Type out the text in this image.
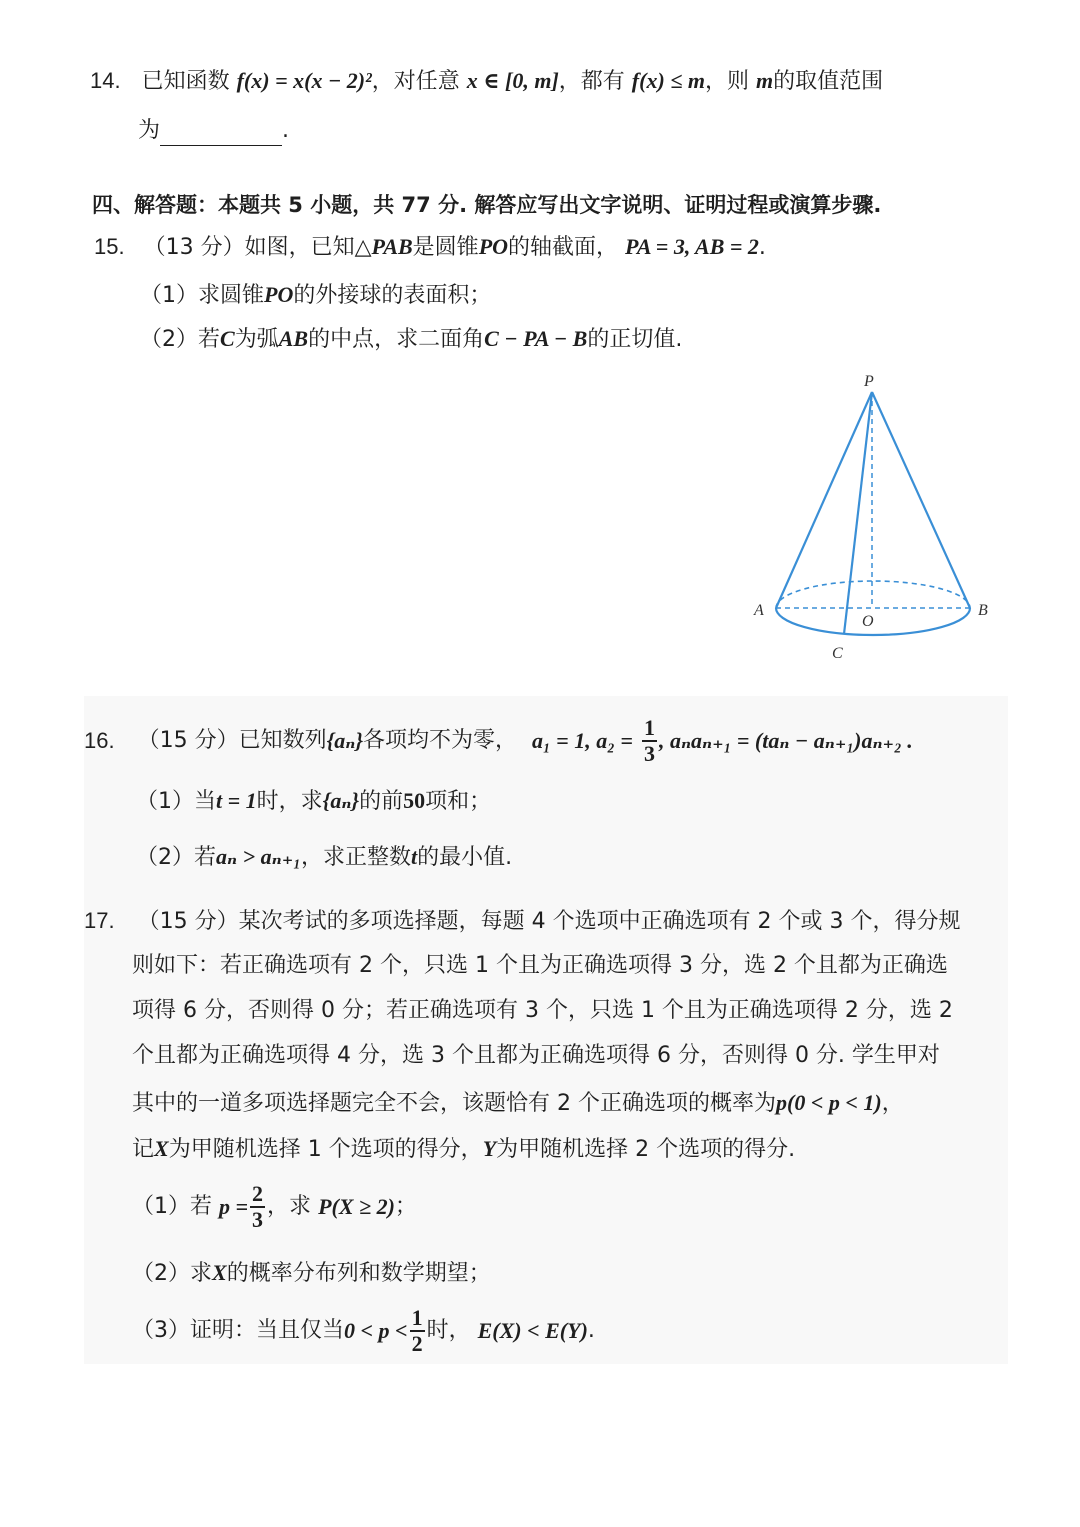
14. 已知函数 f(x) = x(x − 2)²，对任意 x ∈ [0, m]，都有 f(x) ≤ m，则 m的取值范围
为	.
四、解答题：本题共 5 小题，共 77 分. 解答应写出文字说明、证明过程或演算步骤.
15. （13 分）如图，已知△PAB是圆锥PO的轴截面， PA = 3, AB = 2.
（1）求圆锥PO的外接球的表面积；
（2）若C为弧AB的中点，求二面角C − PA − B的正切值.
P
A	B
O
C
16. （15 分）已知数列{aₙ}各项均不为零， a₁ = 1, $a_2 = \frac{1}{3}$ , aₙaₙ₊₁ = (taₙ − aₙ₊₁)aₙ₊₂ .
（1）当t = 1时，求{aₙ}的前50项和；
（2）若aₙ > aₙ₊₁，求正整数t的最小值.
17. （15 分）某次考试的多项选择题，每题 4 个选项中正确选项有 2 个或 3 个，得分规
则如下：若正确选项有 2 个，只选 1 个且为正确选项得 3 分，选 2 个且都为正确选
项得 6 分，否则得 0 分；若正确选项有 3 个，只选 1 个且为正确选项得 2 分，选 2
个且都为正确选项得 4 分，选 3 个且都为正确选项得 6 分，否则得 0 分. 学生甲对
其中的一道多项选择题完全不会，该题恰有 2 个正确选项的概率为p(0 < p < 1)，
记X为甲随机选择 1 个选项的得分，Y为甲随机选择 2 个选项的得分.
（1）若 $p = \frac{2}{3}$ ，求 P(X ≥ 2)；
（2）求X的概率分布列和数学期望；
（3）证明：当且仅当$0 < p < \frac{1}{2}$ 时， E(X) < E(Y).
